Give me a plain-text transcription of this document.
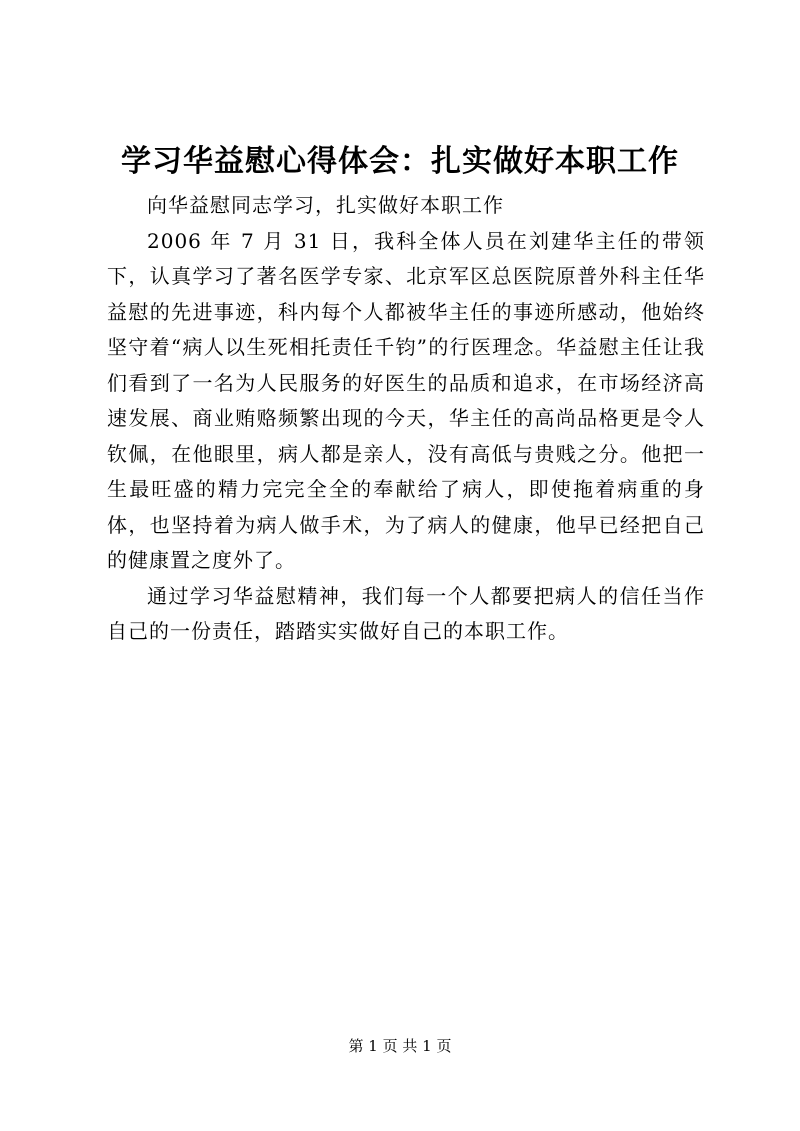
学习华益慰心得体会：扎实做好本职工作

向华益慰同志学习，扎实做好本职工作

2006 年 7 月 31 日，我科全体人员在刘建华主任的带领下，认真学习了著名医学专家、北京军区总医院原普外科主任华益慰的先进事迹，科内每个人都被华主任的事迹所感动，他始终坚守着“病人以生死相托责任千钧”的行医理念。华益慰主任让我们看到了一名为人民服务的好医生的品质和追求，在市场经济高速发展、商业贿赂频繁出现的今天，华主任的高尚品格更是令人钦佩，在他眼里，病人都是亲人，没有高低与贵贱之分。他把一生最旺盛的精力完完全全的奉献给了病人，即使拖着病重的身体，也坚持着为病人做手术，为了病人的健康，他早已经把自己的健康置之度外了。

通过学习华益慰精神，我们每一个人都要把病人的信任当作自己的一份责任，踏踏实实做好自己的本职工作。

第 1 页 共 1 页
